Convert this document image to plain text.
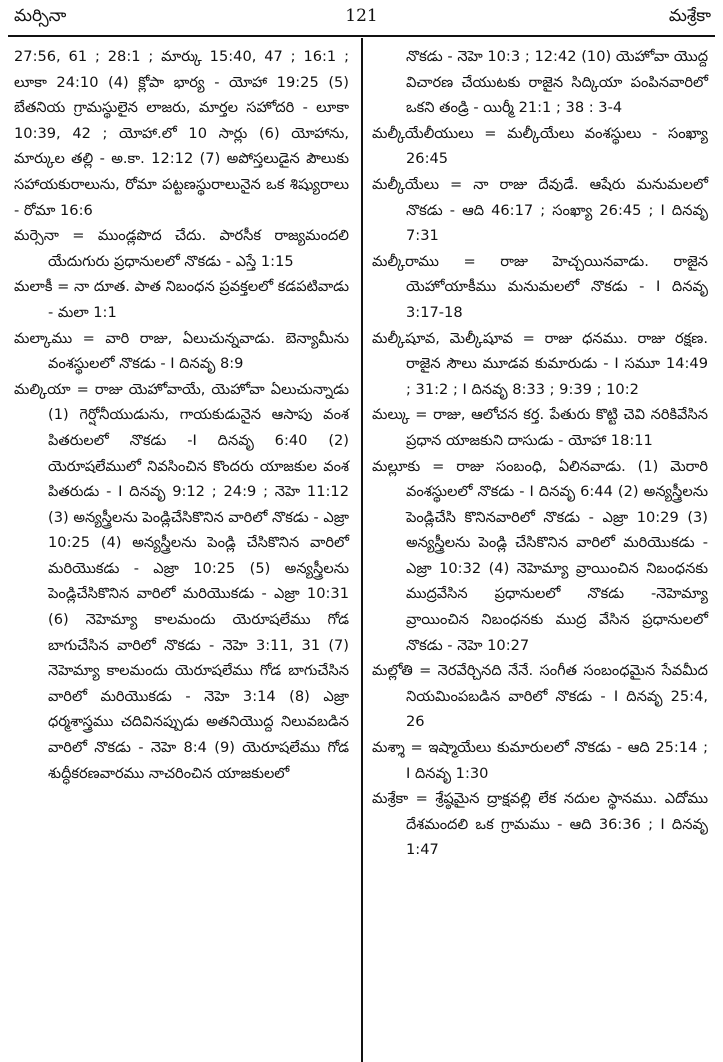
మర్సినా	121	మశ్రేకా

27:56, 61 ; 28:1 ; మార్కు 15:40, 47 ; 16:1 ; లూకా 24:10 (4) క్లోపా భార్య - యోహా 19:25 (5) బేతనియ గ్రామస్థులైన లాజరు, మార్తల సహోదరి - లూకా 10:39, 42 ; యోహా.లో 10 సార్లు (6) యోహాను, మార్కుల తల్లి - అ.కా. 12:12 (7) అపోస్తలుడైన పౌలుకు సహాయకురాలును, రోమా పట్టణస్థురాలునైన ఒక శిష్యురాలు - రోమా 16:6

మర్సెనా = ముండ్లపొద చేదు. పారసీక రాజ్యమందలి యేదుగురు ప్రధానులలో నొకడు - ఎస్తే 1:15

మలాకీ = నా దూత. పాత నిబంధన ప్రవక్తలలో కడపటివాడు - మలా 1:1

మల్కాము = వారి రాజు, ఏలుచున్నవాడు. బెన్యామీను వంశస్థులలో నొకడు - I దినవృ 8:9

మల్కియా = రాజు యెహోవాయే, యెహోవా ఏలుచున్నాడు (1) గెర్షోనీయుడును, గాయకుడునైన ఆసాపు వంశ పితరులలో నొకడు -I దినవృ 6:40 (2) యెరూషలేములో నివసించిన కొందరు యాజకుల వంశ పితరుడు - I దినవృ 9:12 ; 24:9 ; నెహె 11:12 (3) అన్యస్త్రీలను పెండ్లిచేసికొనిన వారిలో నొకడు - ఎజ్రా 10:25 (4) అన్యస్త్రీలను పెండ్లి చేసికొనిన వారిలో మరియొకడు - ఎజ్రా 10:25 (5) అన్యస్త్రీలను పెండ్లిచేసికొనిన వారిలో మరియొకడు - ఎజ్రా 10:31 (6) నెహెమ్యా కాలమందు యెరూషలేము గోడ బాగుచేసిన వారిలో నొకడు - నెహె 3:11, 31 (7) నెహెమ్యా కాలమందు యెరూషలేము గోడ బాగుచేసిన వారిలో మరియొకడు - నెహె 3:14 (8) ఎజ్రా ధర్మశాస్త్రము చదివినప్పుడు అతనియొద్ద నిలువబడిన వారిలో నొకడు - నెహె 8:4 (9) యెరూషలేము గోడ శుద్ధీకరణవారము నాచరించిన యాజకులలో

నొకడు - నెహె 10:3 ; 12:42 (10) యెహోవా యొద్ద విచారణ చేయుటకు రాజైన సిద్కియా పంపినవారిలో ఒకని తండ్రి - యిర్మీ 21:1 ; 38 : 3-4

మల్కీయేలీయులు = మల్కీయేలు వంశస్థులు - సంఖ్యా 26:45

మల్కీయేలు = నా రాజు దేవుడే. ఆషేరు మనుమలలో నొకడు - ఆది 46:17 ; సంఖ్యా 26:45 ; I దినవృ 7:31

మల్కీరాము = రాజు హెచ్చయినవాడు. రాజైన యెహోయాకీము మనుమలలో నొకడు - I దినవృ 3:17-18

మల్కీషూవ, మెల్కీషూవ = రాజు ధనము. రాజు రక్షణ. రాజైన సౌలు మూడవ కుమారుడు - I సమూ 14:49 ; 31:2 ; I దినవృ 8:33 ; 9:39 ; 10:2

మల్కు = రాజు, ఆలోచన కర్త. పేతురు కొట్టి చెవి నరికివేసిన ప్రధాన యాజకుని దాసుడు - యోహా 18:11

మల్లూకు = రాజు సంబంధి, ఏలినవాడు. (1) మెరారి వంశస్థులలో నొకడు - I దినవృ 6:44 (2) అన్యస్త్రీలను పెండ్లిచేసి కొనినవారిలో నొకడు - ఎజ్రా 10:29 (3) అన్యస్త్రీలను పెండ్లి చేసికొనిన వారిలో మరియొకడు - ఎజ్రా 10:32 (4) నెహెమ్యా వ్రాయించిన నిబంధనకు ముద్రవేసిన ప్రధానులలో నొకడు -నెహెమ్యా వ్రాయించిన నిబంధనకు ముద్ర వేసిన ప్రధానులలో నొకడు - నెహె 10:27

మల్లోతి = నెరవేర్చినది నేనే. సంగీత సంబంధమైన సేవమీద నియమింపబడిన వారిలో నొకడు - I దినవృ 25:4, 26

మశ్శా = ఇష్మాయేలు కుమారులలో నొకడు - ఆది 25:14 ; I దినవృ 1:30

మశ్రేకా = శ్రేష్ఠమైన ద్రాక్షవల్లి లేక నదుల స్థానము. ఎదోము దేశమందలి ఒక గ్రామము - ఆది 36:36 ; I దినవృ 1:47
